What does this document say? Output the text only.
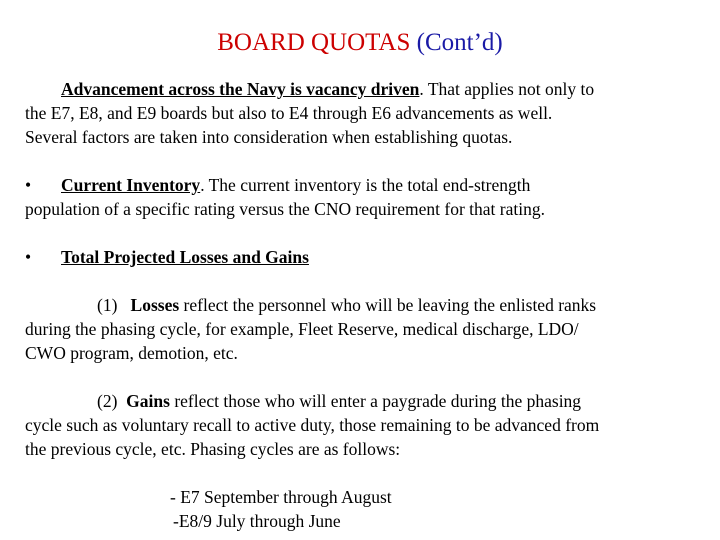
BOARD QUOTAS (Cont’d)
Advancement across the Navy is vacancy driven. That applies not only to
the E7, E8, and E9 boards but also to E4 through E6 advancements as well.
Several factors are taken into consideration when establishing quotas.
• Current Inventory. The current inventory is the total end-strength
population of a specific rating versus the CNO requirement for that rating.
• Total Projected Losses and Gains
(1) Losses reflect the personnel who will be leaving the enlisted ranks
during the phasing cycle, for example, Fleet Reserve, medical discharge, LDO/
CWO program, demotion, etc.
(2) Gains reflect those who will enter a paygrade during the phasing
cycle such as voluntary recall to active duty, those remaining to be advanced from
the previous cycle, etc. Phasing cycles are as follows:
- E7 September through August
-E8/9 July through June
